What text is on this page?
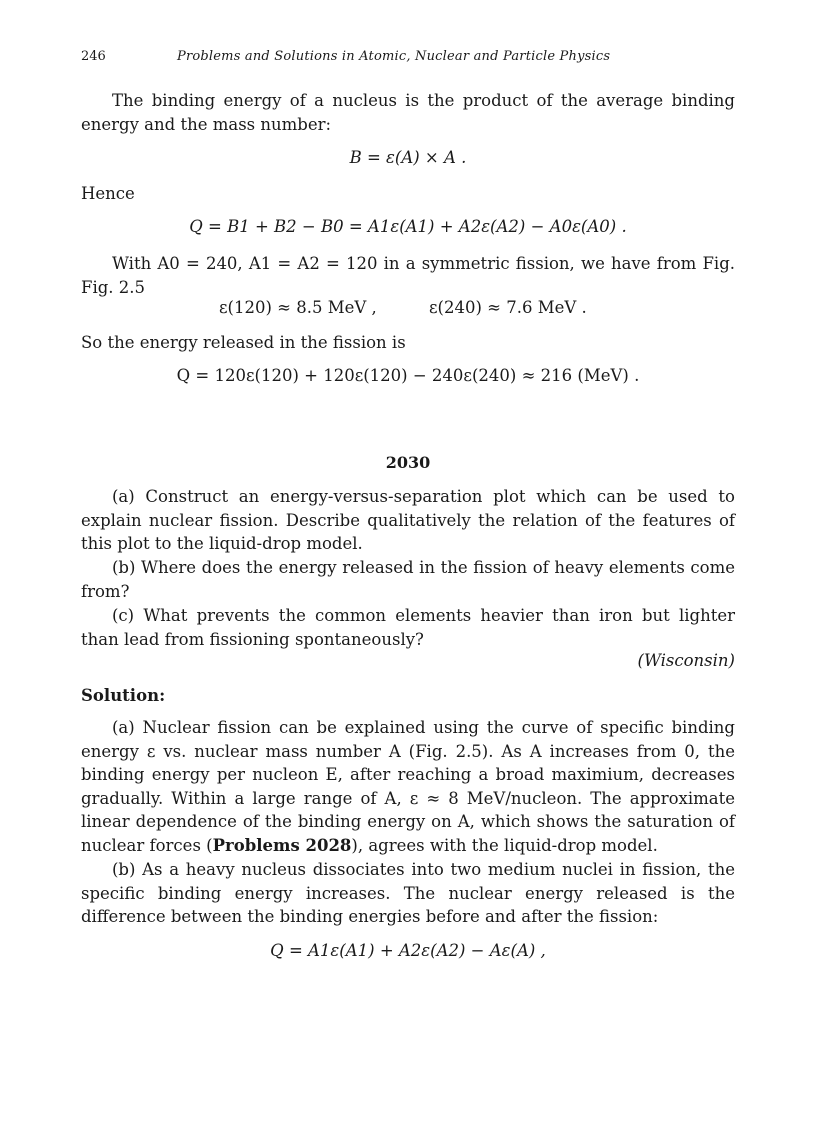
246	Problems and Solutions in Atomic, Nuclear and Particle Physics
The binding energy of a nucleus is the product of the average binding energy and the mass number:
B = ε(A) × A .
Hence
Q = B1 + B2 − B0 = A1ε(A1) + A2ε(A2) − A0ε(A0) .
With A0 = 240, A1 = A2 = 120 in a symmetric fission, we have from Fig.
Fig. 2.5
ε(120) ≈ 8.5 MeV ,	ε(240) ≈ 7.6 MeV .
So the energy released in the fission is
Q = 120ε(120) + 120ε(120) − 240ε(240) ≈ 216 (MeV) .
2030
(a) Construct an energy-versus-separation plot which can be used to explain nuclear fission. Describe qualitatively the relation of the features of this plot to the liquid-drop model.
(b) Where does the energy released in the fission of heavy elements come from?
(c) What prevents the common elements heavier than iron but lighter than lead from fissioning spontaneously?
(Wisconsin)
Solution:
(a) Nuclear fission can be explained using the curve of specific binding energy ε vs. nuclear mass number A (Fig. 2.5). As A increases from 0, the binding energy per nucleon E, after reaching a broad maximium, decreases gradually. Within a large range of A, ε ≈ 8 MeV/nucleon. The approximate linear dependence of the binding energy on A, which shows the saturation of nuclear forces (Problems 2028), agrees with the liquid-drop model.
(b) As a heavy nucleus dissociates into two medium nuclei in fission, the specific binding energy increases. The nuclear energy released is the difference between the binding energies before and after the fission:
Q = A1ε(A1) + A2ε(A2) − Aε(A) ,
